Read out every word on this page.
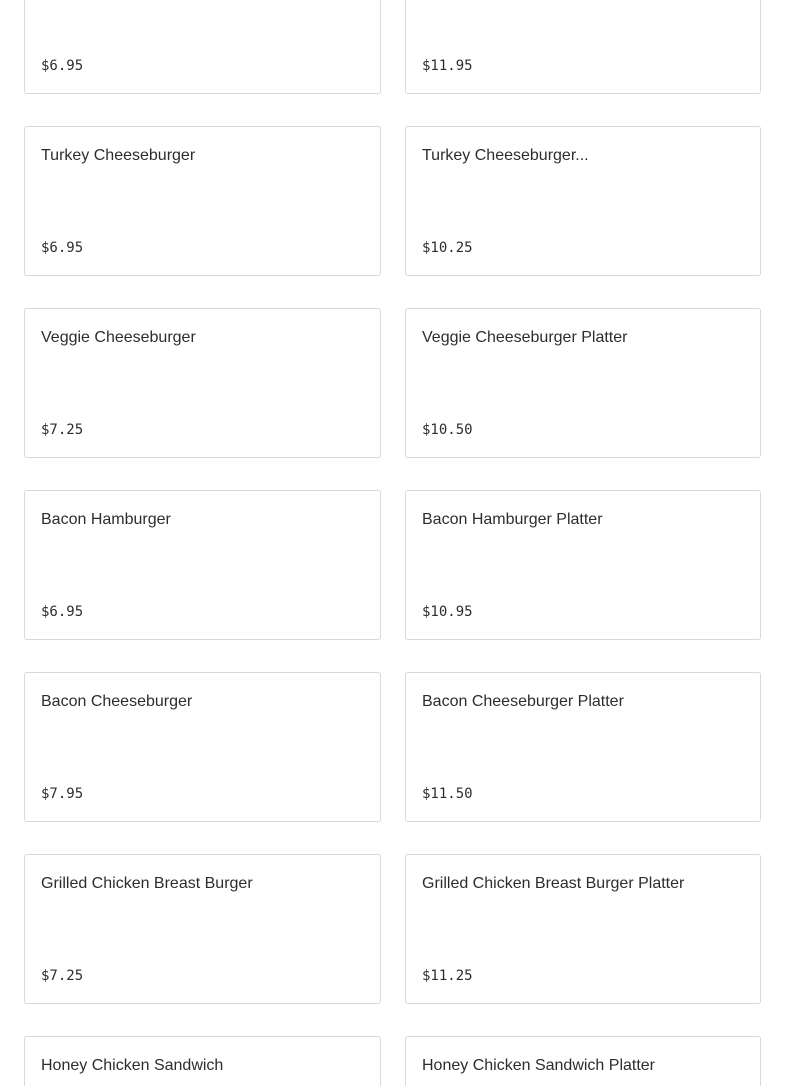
$6.95	$11.95
Turkey Cheeseburger
$6.95
Turkey Cheeseburger...
$10.25
Veggie Cheeseburger
$7.25
Veggie Cheeseburger Platter
$10.50
Bacon Hamburger
$6.95
Bacon Hamburger Platter
$10.95
Bacon Cheeseburger
$7.95
Bacon Cheeseburger Platter
$11.50
Grilled Chicken Breast Burger
$7.25
Grilled Chicken Breast Burger Platter
$11.25
Honey Chicken Sandwich	Honey Chicken Sandwich Platter
